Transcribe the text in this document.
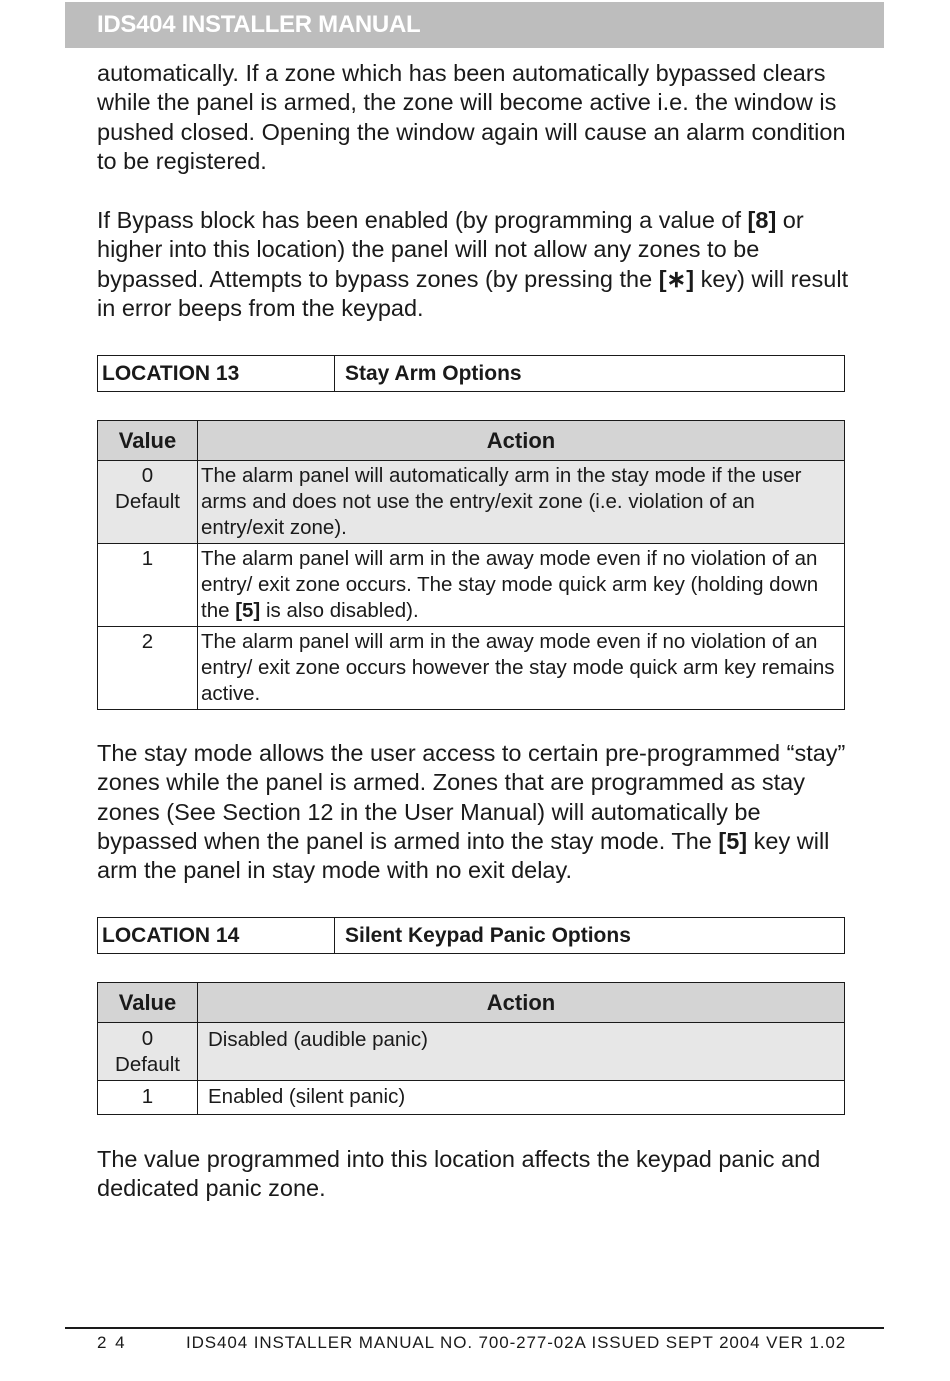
IDS404 INSTALLER MANUAL

automatically. If a zone which has been automatically bypassed clears while the panel is armed, the zone will become active i.e. the window is pushed closed. Opening the window again will cause an alarm condition to be registered.

If Bypass block has been enabled (by programming a value of [8] or higher into this location) the panel will not allow any zones to be bypassed. Attempts to bypass zones (by pressing the [∗] key) will result in error beeps from the keypad.

LOCATION 13	Stay Arm Options
Value	Action
0
Default	The alarm panel will automatically arm in the stay mode if the user arms and does not use the entry/exit zone (i.e. violation of an entry/exit zone).
1	The alarm panel will arm in the away mode even if no violation of an entry/ exit zone occurs. The stay mode quick arm key (holding down the [5] is also disabled).
2	The alarm panel will arm in the away mode even if no violation of an entry/ exit zone occurs however the stay mode quick arm key remains active.

The stay mode allows the user access to certain pre-programmed “stay” zones while the panel is armed. Zones that are programmed as stay zones (See Section 12 in the User Manual) will automatically be bypassed when the panel is armed into the stay mode. The [5] key will arm the panel in stay mode with no exit delay.

LOCATION 14	Silent Keypad Panic Options
Value	Action
0
Default	Disabled (audible panic)
1	Enabled (silent panic)

The value programmed into this location affects the keypad panic and dedicated panic zone.

2 4	IDS404 INSTALLER MANUAL NO. 700-277-02A ISSUED SEPT 2004 VER 1.02
